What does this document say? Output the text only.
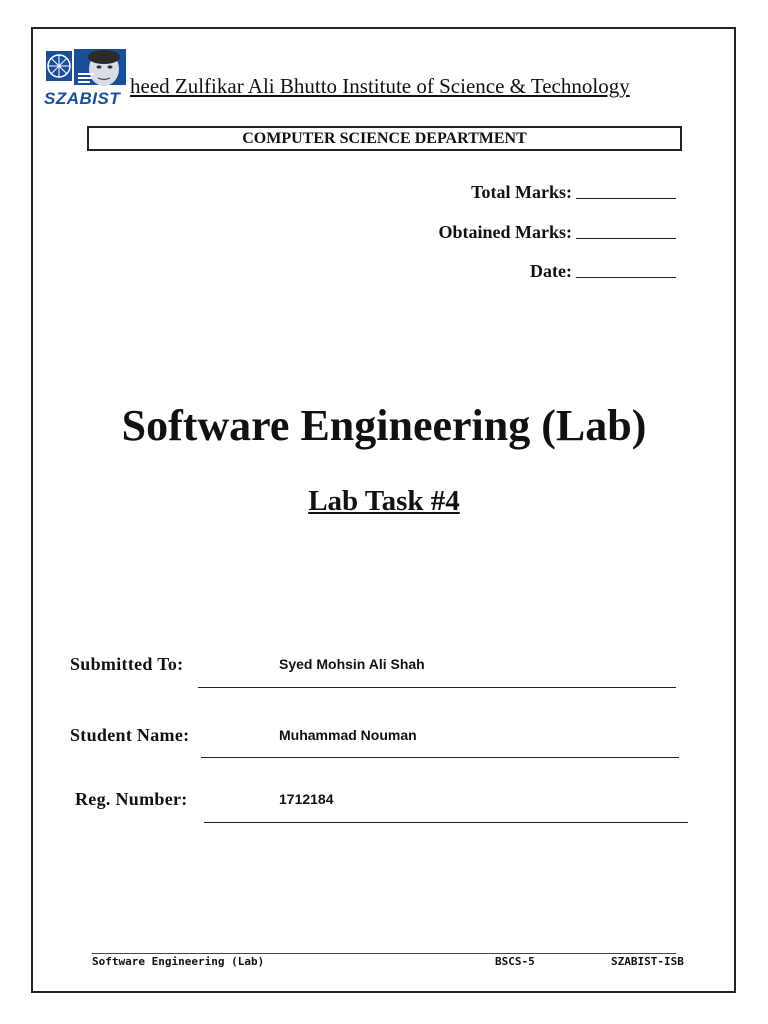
SZABIST
heed Zulfikar Ali Bhutto Institute of Science & Technology
COMPUTER SCIENCE DEPARTMENT
Total Marks:
Obtained Marks:
Date:
Software Engineering (Lab)
Lab Task #4
Submitted To:	Syed Mohsin Ali Shah
Student Name:	Muhammad Nouman
Reg. Number:	1712184
Software Engineering (Lab)	BSCS-5	SZABIST-ISB
